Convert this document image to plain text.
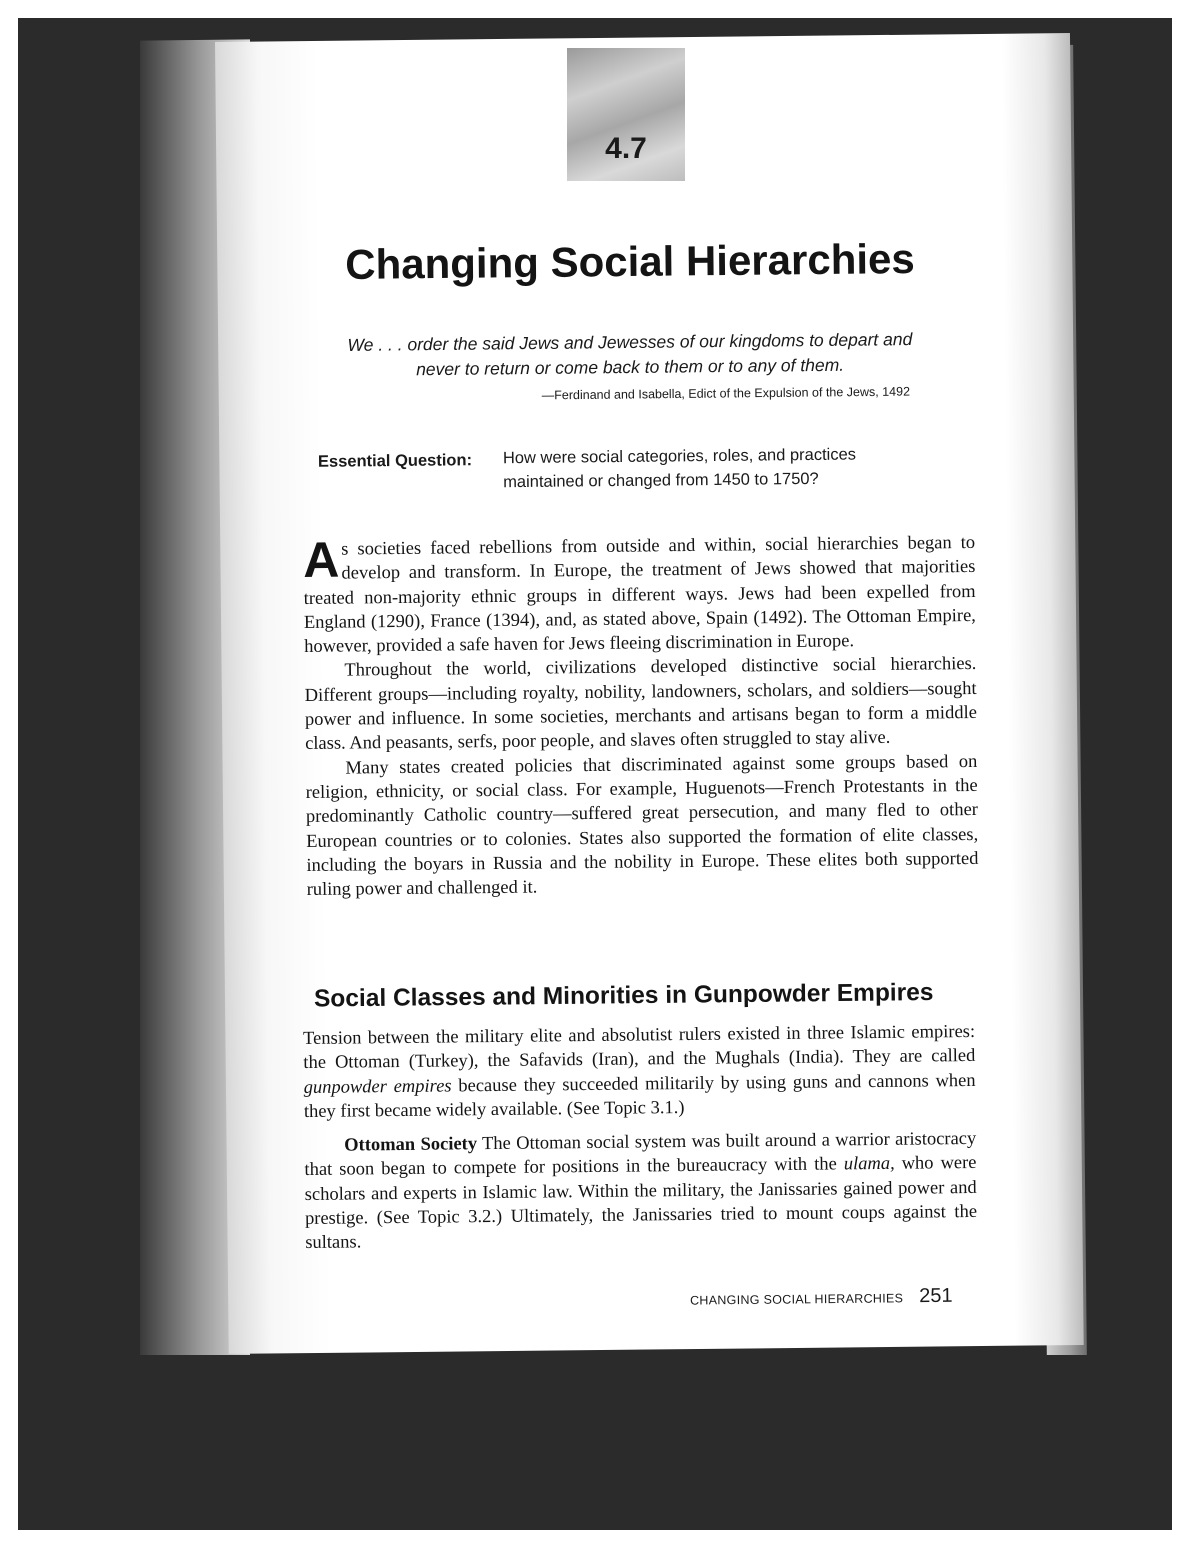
4.7
Changing Social Hierarchies
We . . . order the said Jews and Jewesses of our kingdoms to depart and
never to return or come back to them or to any of them.
—Ferdinand and Isabella, Edict of the Expulsion of the Jews, 1492
Essential Question: How were social categories, roles, and practices maintained or changed from 1450 to 1750?

As societies faced rebellions from outside and within, social hierarchies began to develop and transform. In Europe, the treatment of Jews showed that majorities treated non-majority ethnic groups in different ways. Jews had been expelled from England (1290), France (1394), and, as stated above, Spain (1492). The Ottoman Empire, however, provided a safe haven for Jews fleeing discrimination in Europe.

Throughout the world, civilizations developed distinctive social hierarchies. Different groups—including royalty, nobility, landowners, scholars, and soldiers—sought power and influence. In some societies, merchants and artisans began to form a middle class. And peasants, serfs, poor people, and slaves often struggled to stay alive.

Many states created policies that discriminated against some groups based on religion, ethnicity, or social class. For example, Huguenots—French Protestants in the predominantly Catholic country—suffered great persecution, and many fled to other European countries or to colonies. States also supported the formation of elite classes, including the boyars in Russia and the nobility in Europe. These elites both supported ruling power and challenged it.

Social Classes and Minorities in Gunpowder Empires

Tension between the military elite and absolutist rulers existed in three Islamic empires: the Ottoman (Turkey), the Safavids (Iran), and the Mughals (India). They are called gunpowder empires because they succeeded militarily by using guns and cannons when they first became widely available. (See Topic 3.1.)

Ottoman Society The Ottoman social system was built around a warrior aristocracy that soon began to compete for positions in the bureaucracy with the ulama, who were scholars and experts in Islamic law. Within the military, the Janissaries gained power and prestige. (See Topic 3.2.) Ultimately, the Janissaries tried to mount coups against the sultans.

CHANGING SOCIAL HIERARCHIES 251
